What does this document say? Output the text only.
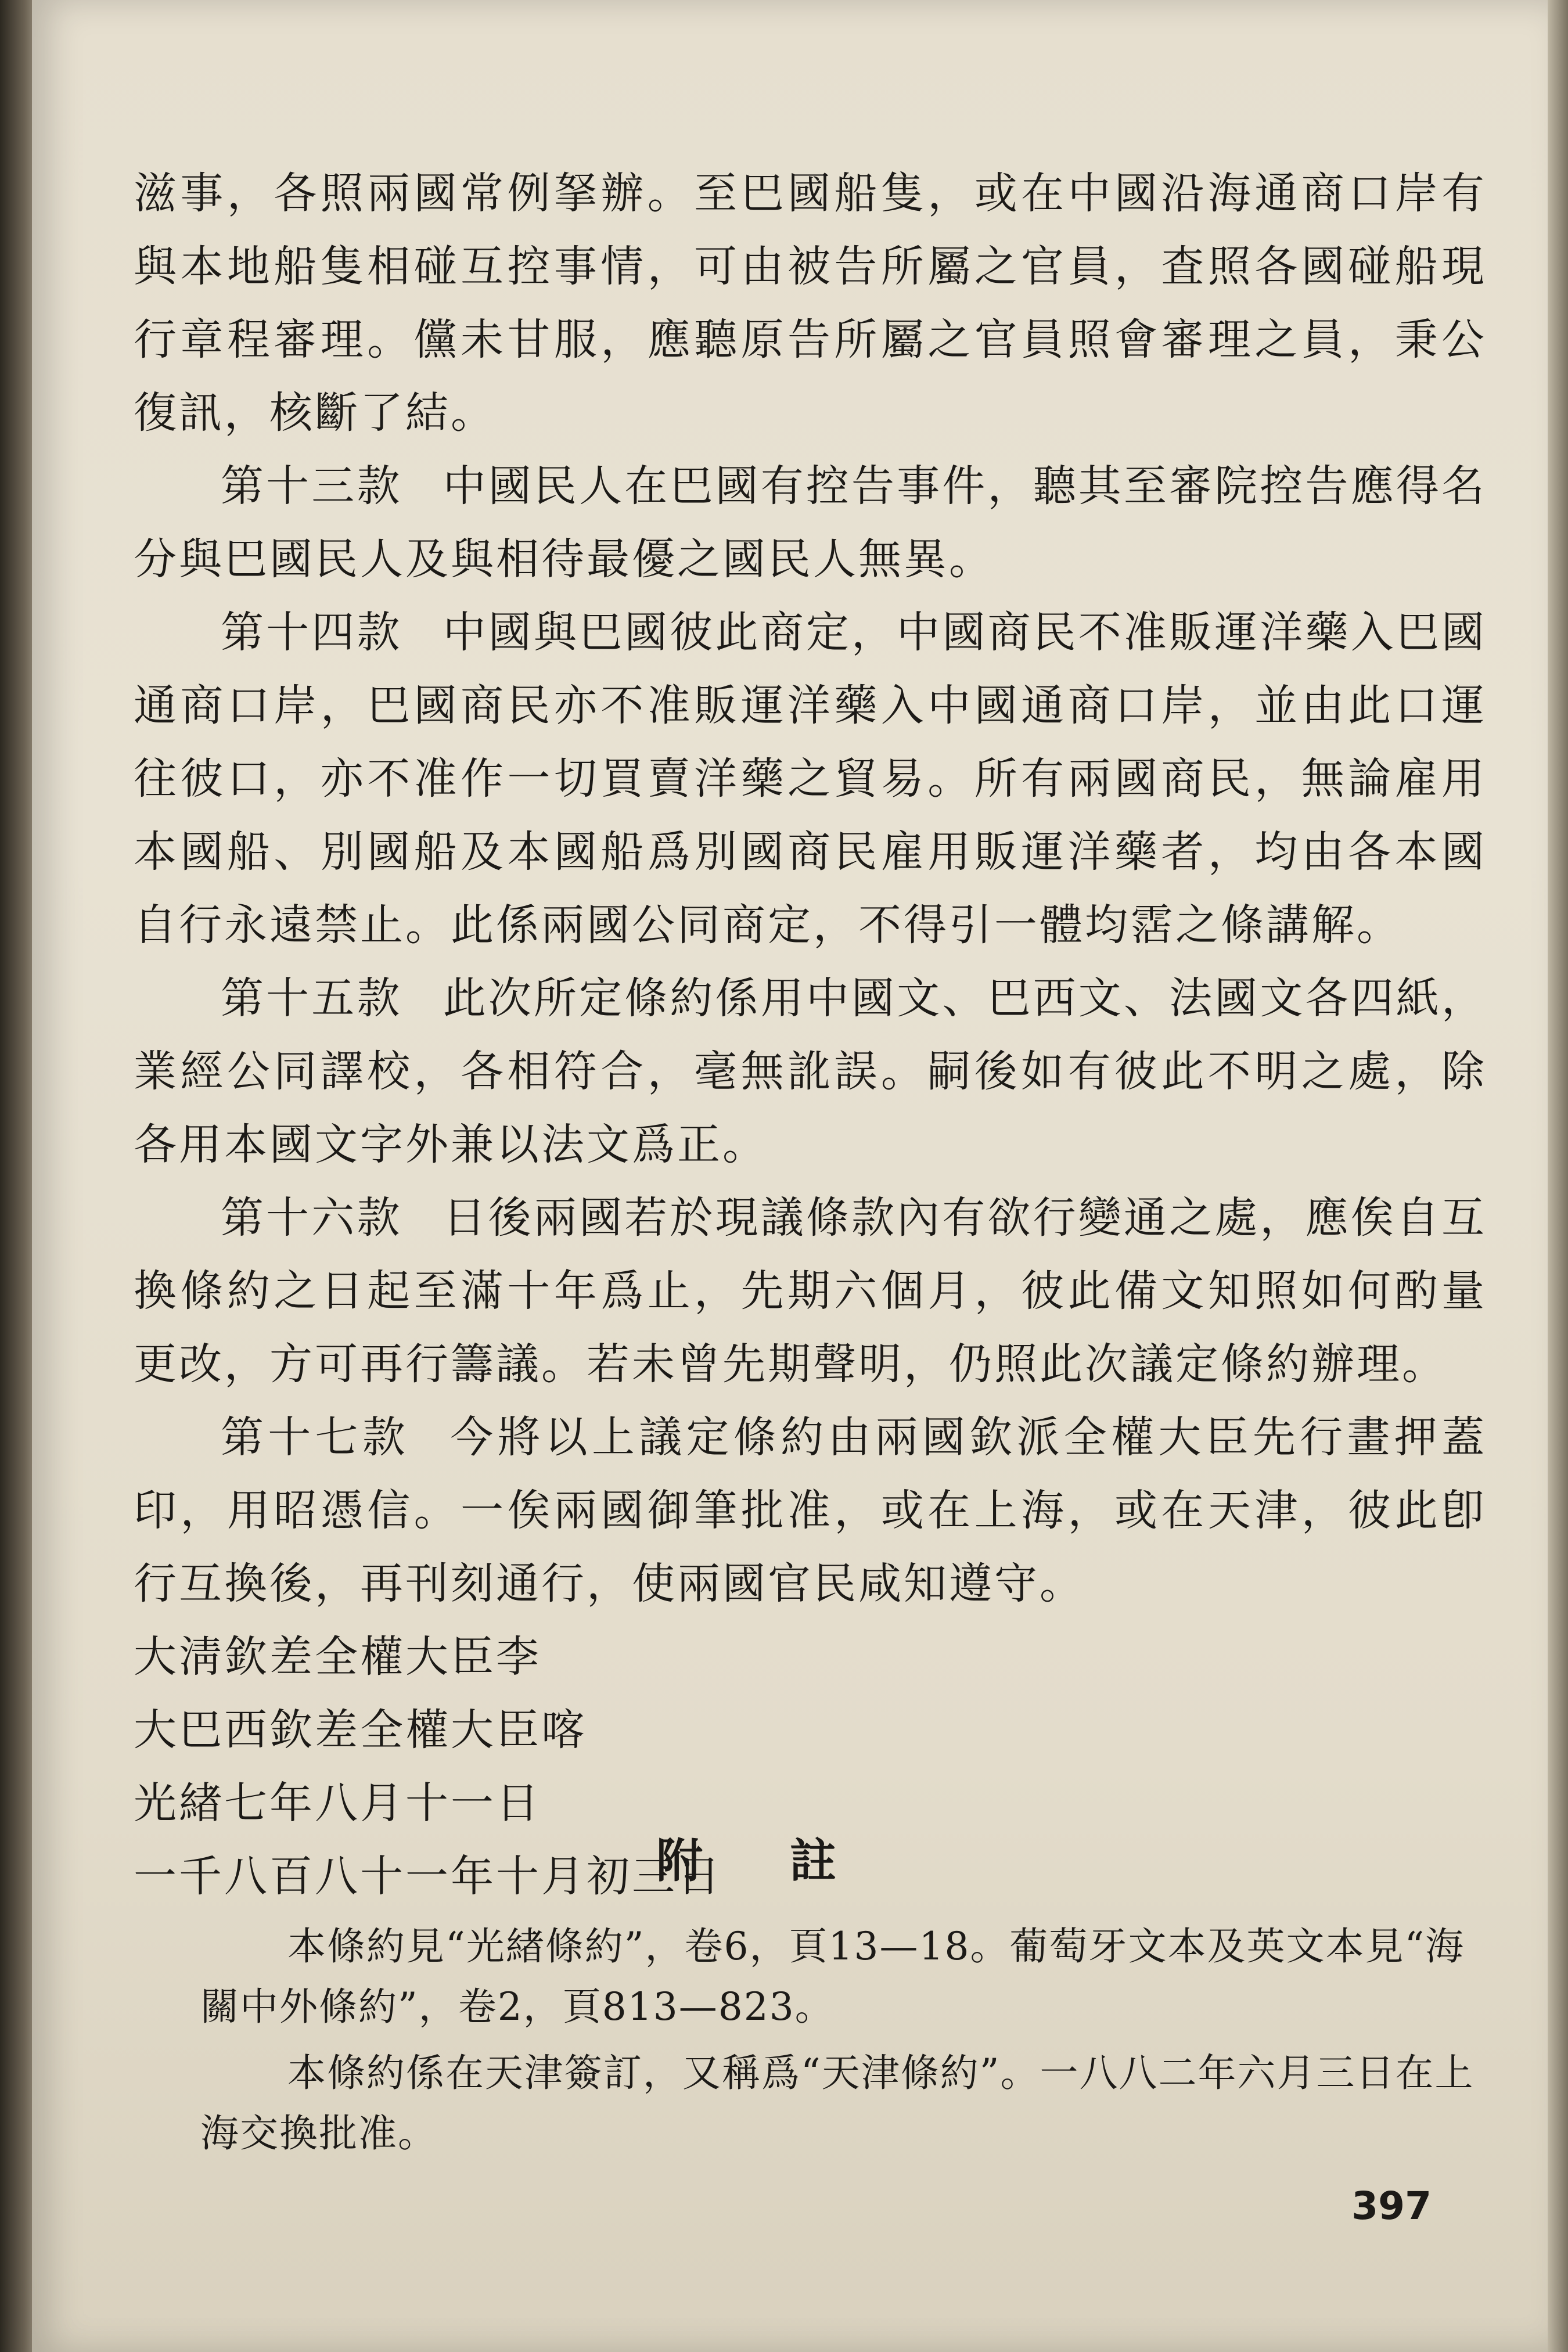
滋事，各照兩國常例拏辦。至巴國船隻，或在中國沿海通商口岸有與本地船隻相碰互控事情，可由被告所屬之官員，査照各國碰船現行章程審理。儻未甘服，應聽原告所屬之官員照會審理之員，秉公復訊，核斷了結。

第十三款 中國民人在巴國有控告事件，聽其至審院控告應得名分與巴國民人及與相待最優之國民人無異。

第十四款 中國與巴國彼此商定，中國商民不准販運洋藥入巴國通商口岸，巴國商民亦不准販運洋藥入中國通商口岸，並由此口運往彼口，亦不准作一切買賣洋藥之貿易。所有兩國商民，無論雇用本國船、別國船及本國船爲別國商民雇用販運洋藥者，均由各本國自行永遠禁止。此係兩國公同商定，不得引一體均霑之條講解。

第十五款 此次所定條約係用中國文、巴西文、法國文各四紙，業經公同譯校，各相符合，毫無訛誤。嗣後如有彼此不明之處，除各用本國文字外兼以法文爲正。

第十六款 日後兩國若於現議條款內有欲行變通之處，應俟自互換條約之日起至滿十年爲止，先期六個月，彼此備文知照如何酌量更改，方可再行籌議。若未曾先期聲明，仍照此次議定條約辦理。

第十七款 今將以上議定條約由兩國欽派全權大臣先行畫押蓋印，用昭憑信。一俟兩國御筆批准，或在上海，或在天津，彼此卽行互換後，再刊刻通行，使兩國官民咸知遵守。

大淸欽差全權大臣李
大巴西欽差全權大臣喀
光緖七年八月十一日
一千八百八十一年十月初三日
附註

本條約見“光緖條約”，卷6，頁13—18。葡萄牙文本及英文本見“海關中外條約”，卷2，頁813—823。

本條約係在天津簽訂，又稱爲“天津條約”。一八八二年六月三日在上海交換批准。

397
